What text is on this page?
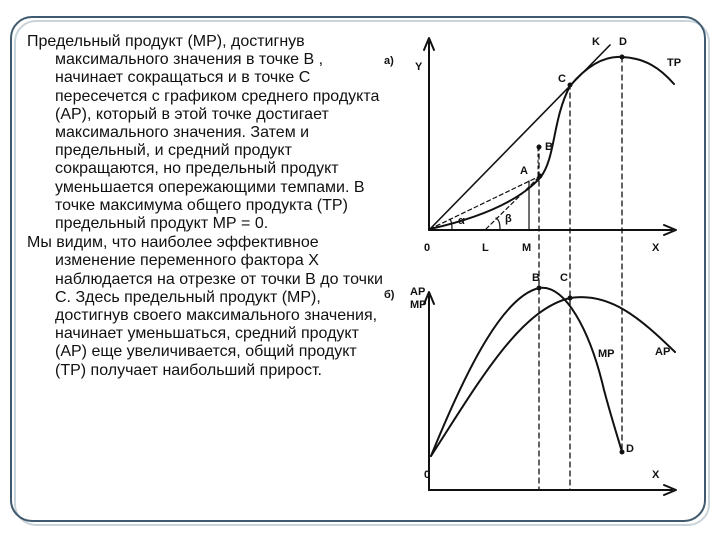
Предельный продукт (МР), достигнув максимального значения в точке В , начинает сокращаться и в точке С пересечется с графиком среднего продукта (АР), который в этой точке достигает максимального значения. Затем и предельный, и средний продукт сокращаются, но предельный продукт уменьшается опережающими темпами. В точке максимума общего продукта (ТР) предельный продукт МР = 0.

Мы видим, что наиболее эффективное изменение переменного фактора Х наблюдается на отрезке от точки В до точки С. Здесь предельный продукт (МР), достигнув своего максимального значения, начинает уменьшаться, средний продукт (АР) еще увеличивается, общий продукт (ТР) получает наибольший прирост.

а) Y
0	X
K D
TP
C
B
A
α	β
L	M
б) AP
MP
0	X
B C
MP	AP
D
